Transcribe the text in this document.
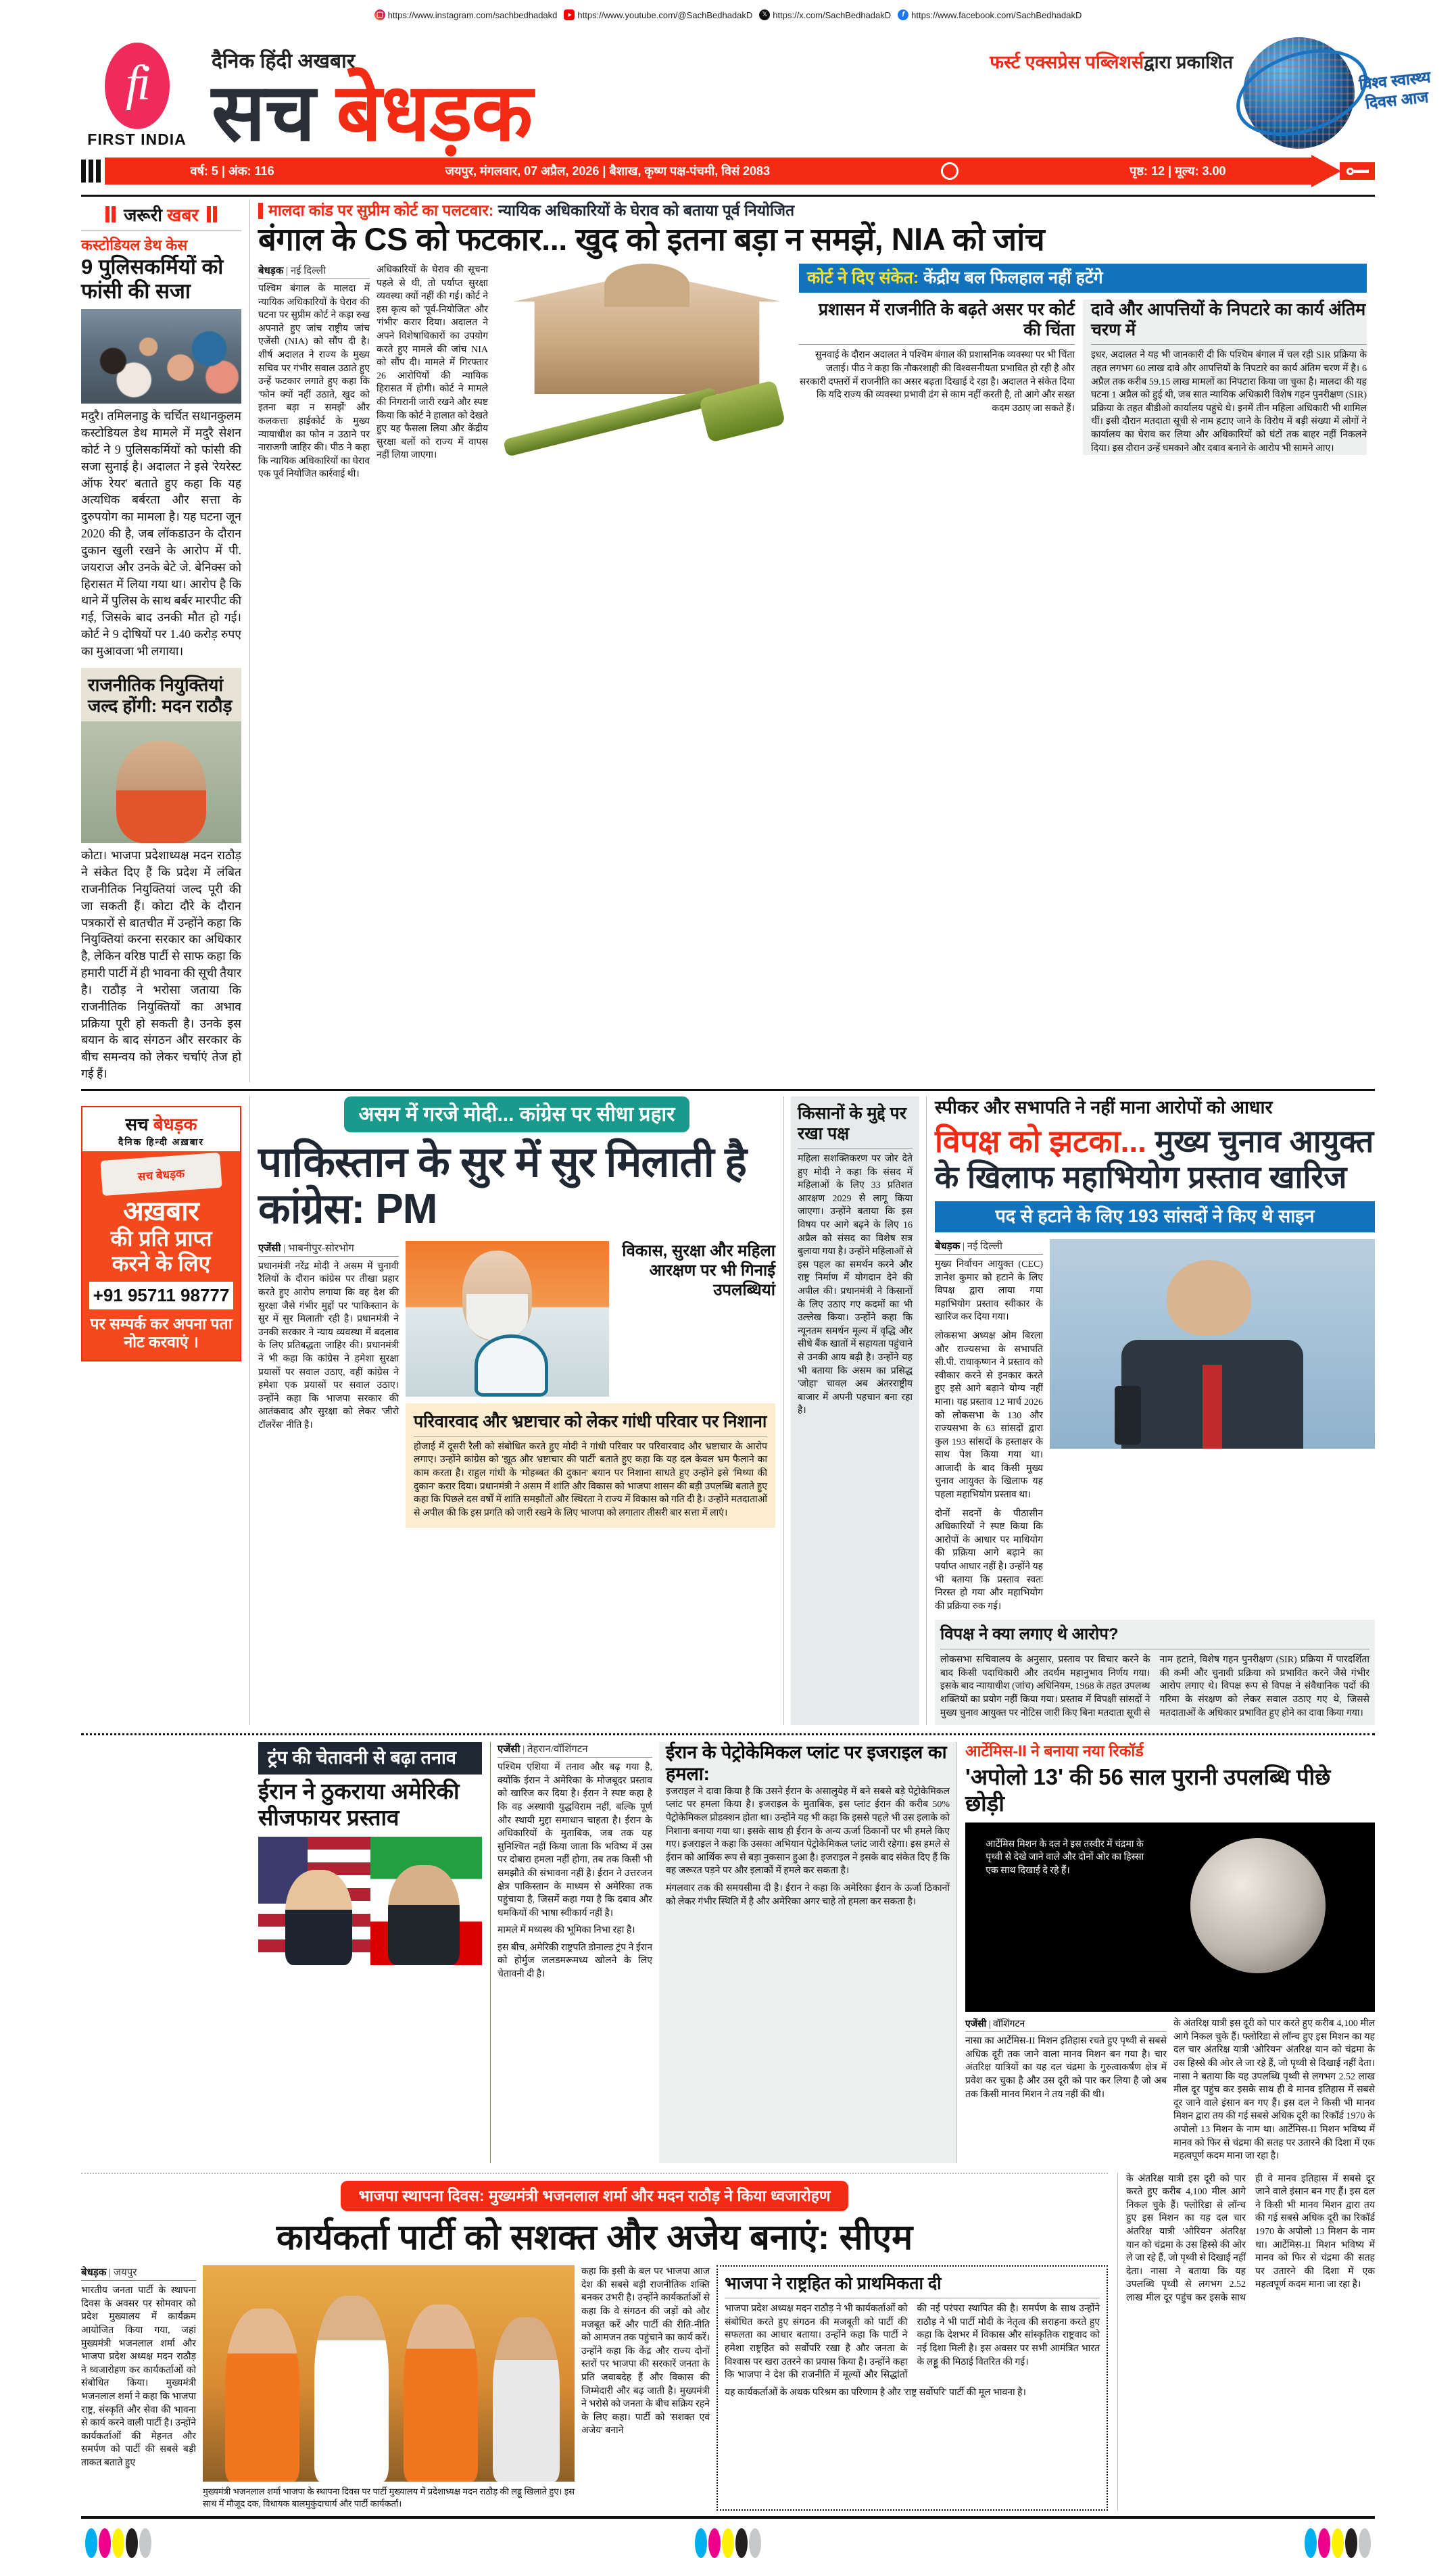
https://www.instagram.com/sachbedhadakd https://www.youtube.com/@SachBedhadakD 𝕏 https://x.com/SachBedhadakD f https://www.facebook.com/SachBedhadakD
fi
FIRST INDIA
दैनिक हिंदी अखबार	फर्स्ट एक्सप्रेस पब्लिशर्सद्वारा प्रकाशित
सच बेधड़क	विश्व स्वास्थ्य दिवस आज
वर्ष: 5 | अंक: 116	जयपुर, मंगलवार, 07 अप्रैल, 2026 | बैशाख, कृष्ण पक्ष-पंचमी, विसं 2083	पृष्ठ: 12 | मूल्य: 3.00
जरूरी खबर
कस्टोडियल डेथ केस
9 पुलिसकर्मियों को फांसी की सजा
मदुरै। तमिलनाडु के चर्चित सथानकुलम कस्टोडियल डेथ मामले में मदुरै सेशन कोर्ट ने 9 पुलिसकर्मियों को फांसी की सजा सुनाई है। अदालत ने इसे 'रेयरेस्ट ऑफ रेयर' बताते हुए कहा कि यह अत्यधिक बर्बरता और सत्ता के दुरुपयोग का मामला है। यह घटना जून 2020 की है, जब लॉकडाउन के दौरान दुकान खुली रखने के आरोप में पी. जयराज और उनके बेटे जे. बेनिक्स को हिरासत में लिया गया था। आरोप है कि थाने में पुलिस के साथ बर्बर मारपीट की गई, जिसके बाद उनकी मौत हो गई। कोर्ट ने 9 दोषियों पर 1.40 करोड़ रुपए का मुआवजा भी लगाया।
राजनीतिक नियुक्तियां जल्द होंगी: मदन राठौड़
कोटा। भाजपा प्रदेशाध्यक्ष मदन राठौड़ ने संकेत दिए हैं कि प्रदेश में लंबित राजनीतिक नियुक्तियां जल्द पूरी की जा सकती हैं। कोटा दौरे के दौरान पत्रकारों से बातचीत में उन्होंने कहा कि नियुक्तियां करना सरकार का अधिकार है, लेकिन वरिष्ठ पार्टी से साफ कहा कि हमारी पार्टी में ही भावना की सूची तैयार है। राठौड़ ने भरोसा जताया कि राजनीतिक नियुक्तियों का अभाव प्रक्रिया पूरी हो सकती है। उनके इस बयान के बाद संगठन और सरकार के बीच समन्वय को लेकर चर्चाएं तेज हो गई हैं।
मालदा कांड पर सुप्रीम कोर्ट का पलटवार: न्यायिक अधिकारियों के घेराव को बताया पूर्व नियोजित
बंगाल के CS को फटकार... खुद को इतना बड़ा न समझें, NIA को जांच
बेधड़क | नई दिल्ली
पश्चिम बंगाल के मालदा में न्यायिक अधिकारियों के घेराव की घटना पर सुप्रीम कोर्ट ने कड़ा रुख अपनाते हुए जांच राष्ट्रीय जांच एजेंसी (NIA) को सौंप दी है। शीर्ष अदालत ने राज्य के मुख्य सचिव पर गंभीर सवाल उठाते हुए उन्हें फटकार लगाते हुए कहा कि 'फोन क्यों नहीं उठाते, खुद को इतना बड़ा न समझें' और कलकत्ता हाईकोर्ट के मुख्य न्यायाधीश का फोन न उठाने पर नाराजगी जाहिर की। पीठ ने कहा कि न्यायिक अधिकारियों का घेराव एक पूर्व नियोजित कार्रवाई थी।
अधिकारियों के घेराव की सूचना पहले से थी, तो पर्याप्त सुरक्षा व्यवस्था क्यों नहीं की गई। कोर्ट ने इस कृत्य को 'पूर्व-नियोजित' और 'गंभीर' करार दिया। अदालत ने अपने विशेषाधिकारों का उपयोग करते हुए मामले की जांच NIA को सौंप दी। मामले में गिरफ्तार 26 आरोपियों की न्यायिक हिरासत में होगी। कोर्ट ने मामले की निगरानी जारी रखने और स्पष्ट किया कि कोर्ट ने हालात को देखते हुए यह फैसला लिया और केंद्रीय सुरक्षा बलों को राज्य में वापस नहीं लिया जाएगा।
कोर्ट ने दिए संकेत: केंद्रीय बल फिलहाल नहीं हटेंगे
प्रशासन में राजनीति के बढ़ते असर पर कोर्ट की चिंता
सुनवाई के दौरान अदालत ने पश्चिम बंगाल की प्रशासनिक व्यवस्था पर भी चिंता जताई। पीठ ने कहा कि नौकरशाही की विश्वसनीयता प्रभावित हो रही है और सरकारी दफ्तरों में राजनीति का असर बढ़ता दिखाई दे रहा है। अदालत ने संकेत दिया कि यदि राज्य की व्यवस्था प्रभावी ढंग से काम नहीं करती है, तो आगे और सख्त कदम उठाए जा सकते हैं।
दावे और आपत्तियों के निपटारे का कार्य अंतिम चरण में
इधर, अदालत ने यह भी जानकारी दी कि पश्चिम बंगाल में चल रही SIR प्रक्रिया के तहत लगभग 60 लाख दावे और आपत्तियों के निपटारे का कार्य अंतिम चरण में है। 6 अप्रैल तक करीब 59.15 लाख मामलों का निपटारा किया जा चुका है। मालदा की यह घटना 1 अप्रैल को हुई थी, जब सात न्यायिक अधिकारी विशेष गहन पुनरीक्षण (SIR) प्रक्रिया के तहत बीडीओ कार्यालय पहुंचे थे। इनमें तीन महिला अधिकारी भी शामिल थीं। इसी दौरान मतदाता सूची से नाम हटाए जाने के विरोध में बड़ी संख्या में लोगों ने कार्यालय का घेराव कर लिया और अधिकारियों को घंटों तक बाहर नहीं निकलने दिया। इस दौरान उन्हें धमकाने और दबाव बनाने के आरोप भी सामने आए।
सच बेधड़क
दैनिक हिन्दी अख़बार
सच बेधड़क
अख़बार
की प्रति प्राप्त
करने के लिए
+91 95711 98777
पर सम्पर्क कर अपना पता नोट करवाएं ।
असम में गरजे मोदी... कांग्रेस पर सीधा प्रहार
पाकिस्तान के सुर में सुर मिलाती है कांग्रेस: PM
एजेंसी | भाबनीपुर-सोरभोग
प्रधानमंत्री नरेंद्र मोदी ने असम में चुनावी रैलियों के दौरान कांग्रेस पर तीखा प्रहार करते हुए आरोप लगाया कि वह देश की सुरक्षा जैसे गंभीर मुद्दों पर 'पाकिस्तान के सुर में सुर मिलाती' रही है। प्रधानमंत्री ने उनकी सरकार ने न्याय व्यवस्था में बदलाव के लिए प्रतिबद्धता जाहिर की। प्रधानमंत्री ने भी कहा कि कांग्रेस ने हमेशा सुरक्षा प्रयासों पर सवाल उठाए, वहीं कांग्रेस ने हमेशा एक प्रयासों पर सवाल उठाए। उन्होंने कहा कि भाजपा सरकार की आतंकवाद और सुरक्षा को लेकर 'जीरो टॉलरेंस' नीति है।
विकास, सुरक्षा और महिला आरक्षण पर भी गिनाई उपलब्धियां
परिवारवाद और भ्रष्टाचार को लेकर गांधी परिवार पर निशाना
होजाई में दूसरी रैली को संबोधित करते हुए मोदी ने गांधी परिवार पर परिवारवाद और भ्रष्टाचार के आरोप लगाए। उन्होंने कांग्रेस को 'झूठ और भ्रष्टाचार की पार्टी' बताते हुए कहा कि यह दल केवल भ्रम फैलाने का काम करता है। राहुल गांधी के 'मोहब्बत की दुकान' बयान पर निशाना साधते हुए उन्होंने इसे 'मिथ्या की दुकान' करार दिया। प्रधानमंत्री ने असम में शांति और विकास को भाजपा शासन की बड़ी उपलब्धि बताते हुए कहा कि पिछले दस वर्षों में शांति समझौतों और स्थिरता ने राज्य में विकास को गति दी है। उन्होंने मतदाताओं से अपील की कि इस प्रगति को जारी रखने के लिए भाजपा को लगातार तीसरी बार सत्ता में लाएं।
किसानों के मुद्दे पर रखा पक्ष
महिला सशक्तिकरण पर जोर देते हुए मोदी ने कहा कि संसद में महिलाओं के लिए 33 प्रतिशत आरक्षण 2029 से लागू किया जाएगा। उन्होंने बताया कि इस विषय पर आगे बढ़ने के लिए 16 अप्रैल को संसद का विशेष सत्र बुलाया गया है। उन्होंने महिलाओं से इस पहल का समर्थन करने और राष्ट्र निर्माण में योगदान देने की अपील की। प्रधानमंत्री ने किसानों के लिए उठाए गए कदमों का भी उल्लेख किया। उन्होंने कहा कि न्यूनतम समर्थन मूल्य में वृद्धि और सीधे बैंक खातों में सहायता पहुंचाने से उनकी आय बढ़ी है। उन्होंने यह भी बताया कि असम का प्रसिद्ध 'जोहा' चावल अब अंतरराष्ट्रीय बाजार में अपनी पहचान बना रहा है।
स्पीकर और सभापति ने नहीं माना आरोपों को आधार
विपक्ष को झटका... मुख्य चुनाव आयुक्त के खिलाफ महाभियोग प्रस्ताव खारिज
पद से हटाने के लिए 193 सांसदों ने किए थे साइन
बेधड़क | नई दिल्ली
मुख्य निर्वाचन आयुक्त (CEC) ज्ञानेश कुमार को हटाने के लिए विपक्ष द्वारा लाया गया महाभियोग प्रस्ताव स्वीकार के खारिज कर दिया गया।
लोकसभा अध्यक्ष ओम बिरला और राज्यसभा के सभापति सी.पी. राधाकृष्णन ने प्रस्ताव को स्वीकार करने से इनकार करते हुए इसे आगे बढ़ाने योग्य नहीं माना। यह प्रस्ताव 12 मार्च 2026 को लोकसभा के 130 और राज्यसभा के 63 सांसदों द्वारा कुल 193 सांसदों के हस्ताक्षर के साथ पेश किया गया था। आजादी के बाद किसी मुख्य चुनाव आयुक्त के खिलाफ यह पहला महाभियोग प्रस्ताव था।
दोनों सदनों के पीठासीन अधिकारियों ने स्पष्ट किया कि आरोपों के आधार पर माधियोग की प्रक्रिया आगे बढ़ाने का पर्याप्त आधार नहीं है। उन्होंने यह भी बताया कि प्रस्ताव स्वतः निरस्त हो गया और महाभियोग की प्रक्रिया रुक गई।
विपक्ष ने क्या लगाए थे आरोप?
लोकसभा सचिवालय के अनुसार, प्रस्ताव पर विचार करने के बाद किसी पदाधिकारी और तदर्थम महानुभाव निर्णय गया। इसके बाद न्यायाधीश (जांच) अधिनियम, 1968 के तहत उपलब्ध शक्तियों का प्रयोग नहीं किया गया। प्रस्ताव में विपक्षी सांसदों ने मुख्य चुनाव आयुक्त पर नोटिस जारी किए बिना मतदाता सूची से नाम हटाने, विशेष गहन पुनरीक्षण (SIR) प्रक्रिया में पारदर्शिता की कमी और चुनावी प्रक्रिया को प्रभावित करने जैसे गंभीर आरोप लगाए थे। विपक्ष रूप से विपक्ष ने संवैधानिक पदों की गरिमा के संरक्षण को लेकर सवाल उठाए गए थे, जिससे मतदाताओं के अधिकार प्रभावित हुए होने का दावा किया गया।
ट्रंप की चेतावनी से बढ़ा तनाव
ईरान ने ठुकराया अमेरिकी सीजफायर प्रस्ताव
एजेंसी | तेहरान/वॉशिंगटन
पश्चिम एशिया में तनाव और बढ़ गया है, क्योंकि ईरान ने अमेरिका के मोजबूदर प्रस्ताव को खारिज कर दिया है। ईरान ने स्पष्ट कहा है कि वह अस्थायी युद्धविराम नहीं, बल्कि पूर्ण और स्थायी मुद्दा समाधान चाहता है। ईरान के अधिकारियों के मुताबिक, जब तक यह सुनिश्चित नहीं किया जाता कि भविष्य में उस पर दोबारा हमला नहीं होगा, तब तक किसी भी समझौते की संभावना नहीं है। ईरान ने उत्तरजन क्षेत्र पाकिस्तान के माध्यम से अमेरिका तक पहुंचाया है, जिसमें कहा गया है कि दबाव और धमकियों की भाषा स्वीकार्य नहीं है।
मामले में मध्यस्थ की भूमिका निभा रहा है।
इस बीच, अमेरिकी राष्ट्रपति डोनाल्ड ट्रंप ने ईरान को होर्मुज जलडमरूमध्य खोलने के लिए चेतावनी दी है।
ईरान के पेट्रोकेमिकल प्लांट पर इजराइल का हमला:
इजराइल ने दावा किया है कि उसने ईरान के असालुयेह में बने सबसे बड़े पेट्रोकेमिकल प्लांट पर हमला किया है। इजराइल के मुताबिक, इस प्लांट ईरान की करीब 50% पेट्रोकेमिकल प्रोडक्शन होता था। उन्होंने यह भी कहा कि इससे पहले भी उस इलाके को निशाना बनाया गया था। इसके साथ ही ईरान के अन्य ऊर्जा ठिकानों पर भी हमले किए गए। इजराइल ने कहा कि उसका अभियान पेट्रोकेमिकल प्लांट जारी रहेगा। इस हमले से ईरान को आर्थिक रूप से बड़ा नुकसान हुआ है। इजराइल ने इसके बाद संकेत दिए हैं कि वह जरूरत पड़ने पर और इलाकों में हमले कर सकता है।
मंगलवार तक की समयसीमा दी है। ईरान ने कहा कि अमेरिका ईरान के ऊर्जा ठिकानों को लेकर गंभीर स्थिति में है और अमेरिका अगर चाहे तो हमला कर सकता है।
आर्टेमिस-II ने बनाया नया रिकॉर्ड
'अपोलो 13' की 56 साल पुरानी उपलब्धि पीछे छोड़ी
आर्टेमिस मिशन के दल ने इस तस्वीर में चंद्रमा के पृथ्वी से देखे जाने वाले और दोनों ओर का हिस्सा एक साथ दिखाई दे रहे हैं।
एजेंसी | वॉशिंगटन
नासा का आर्टेमिस-II मिशन इतिहास रचते हुए पृथ्वी से सबसे अधिक दूरी तक जाने वाला मानव मिशन बन गया है। चार अंतरिक्ष यात्रियों का यह दल चंद्रमा के गुरुत्वाकर्षण क्षेत्र में प्रवेश कर चुका है और उस दूरी को पार कर लिया है जो अब तक किसी मानव मिशन ने तय नहीं की थी।
के अंतरिक्ष यात्री इस दूरी को पार करते हुए करीब 4,100 मील आगे निकल चुके हैं। फ्लोरिडा से लॉन्च हुए इस मिशन का यह दल चार अंतरिक्ष यात्री 'ओरियन' अंतरिक्ष यान को चंद्रमा के उस हिस्से की ओर ले जा रहे हैं, जो पृथ्वी से दिखाई नहीं देता। नासा ने बताया कि यह उपलब्धि पृथ्वी से लगभग 2.52 लाख मील दूर पहुंच कर इसके साथ ही वे मानव इतिहास में सबसे दूर जाने वाले इंसान बन गए हैं। इस दल ने किसी भी मानव मिशन द्वारा तय की गई सबसे अधिक दूरी का रिकॉर्ड 1970 के अपोलो 13 मिशन के नाम था। आर्टेमिस-II मिशन भविष्य में मानव को फिर से चंद्रमा की सतह पर उतारने की दिशा में एक महत्वपूर्ण कदम माना जा रहा है।
भाजपा स्थापना दिवस: मुख्यमंत्री भजनलाल शर्मा और मदन राठौड़ ने किया ध्वजारोहण
कार्यकर्ता पार्टी को सशक्त और अजेय बनाएं: सीएम
बेधड़क | जयपुर
भारतीय जनता पार्टी के स्थापना दिवस के अवसर पर सोमवार को प्रदेश मुख्यालय में कार्यक्रम आयोजित किया गया, जहां मुख्यमंत्री भजनलाल शर्मा और भाजपा प्रदेश अध्यक्ष मदन राठौड़ ने ध्वजारोहण कर कार्यकर्ताओं को संबोधित किया। मुख्यमंत्री भजनलाल शर्मा ने कहा कि भाजपा राष्ट्र, संस्कृति और सेवा की भावना से कार्य करने वाली पार्टी है। उन्होंने कार्यकर्ताओं की मेहनत और समर्पण को पार्टी की सबसे बड़ी ताकत बताते हुए
मुख्यमंत्री भजनलाल शर्मा भाजपा के स्थापना दिवस पर पार्टी मुख्यालय में प्रदेशाध्यक्ष मदन राठौड़ की लड्डू खिलाते हुए। इस साथ में मौजूद दक, विधायक बालमुकुंदाचार्य और पार्टी कार्यकर्ता।
कहा कि इसी के बल पर भाजपा आज देश की सबसे बड़ी राजनीतिक शक्ति बनकर उभरी है। उन्होंने कार्यकर्ताओं से कहा कि वे संगठन की जड़ों को और मजबूत करें और पार्टी की रीति-नीति को आमजन तक पहुंचाने का कार्य करें। उन्होंने कहा कि केंद्र और राज्य दोनों स्तरों पर भाजपा की सरकारें जनता के प्रति जवाबदेह हैं और विकास की जिम्मेदारी और बढ़ जाती है। मुख्यमंत्री ने भरोसे को जनता के बीच सक्रिय रहने के लिए कहा। पार्टी को 'सशक्त एवं अजेय' बनाने
भाजपा ने राष्ट्रहित को प्राथमिकता दी
भाजपा प्रदेश अध्यक्ष मदन राठौड़ ने भी कार्यकर्ताओं को संबोधित करते हुए संगठन की मजबूती को पार्टी की सफलता का आधार बताया। उन्होंने कहा कि पार्टी ने हमेशा राष्ट्रहित को सर्वोपरि रखा है और जनता के विश्वास पर खरा उतरने का प्रयास किया है। उन्होंने कहा कि भाजपा ने देश की राजनीति में मूल्यों और सिद्धांतों की नई परंपरा स्थापित की है। समर्पण के साथ उन्होंने राठौड़ ने भी पार्टी मोदी के नेतृत्व की सराहना करते हुए कहा कि देशभर में विकास और सांस्कृतिक राष्ट्रवाद को नई दिशा मिली है। इस अवसर पर सभी आमंत्रित भारत के लड्डू की मिठाई वितरित की गई।
यह कार्यकर्ताओं के अथक परिश्रम का परिणाम है और 'राष्ट्र सर्वोपरि' पार्टी की मूल भावना है।
के अंतरिक्ष यात्री इस दूरी को पार करते हुए करीब 4,100 मील आगे निकल चुके हैं। फ्लोरिडा से लॉन्च हुए इस मिशन का यह दल चार अंतरिक्ष यात्री 'ओरियन' अंतरिक्ष यान को चंद्रमा के उस हिस्से की ओर ले जा रहे हैं, जो पृथ्वी से दिखाई नहीं देता। नासा ने बताया कि यह उपलब्धि पृथ्वी से लगभग 2.52 लाख मील दूर पहुंच कर इसके साथ ही वे मानव इतिहास में सबसे दूर जाने वाले इंसान बन गए हैं। इस दल ने किसी भी मानव मिशन द्वारा तय की गई सबसे अधिक दूरी का रिकॉर्ड 1970 के अपोलो 13 मिशन के नाम था। आर्टेमिस-II मिशन भविष्य में मानव को फिर से चंद्रमा की सतह पर उतारने की दिशा में एक महत्वपूर्ण कदम माना जा रहा है।
